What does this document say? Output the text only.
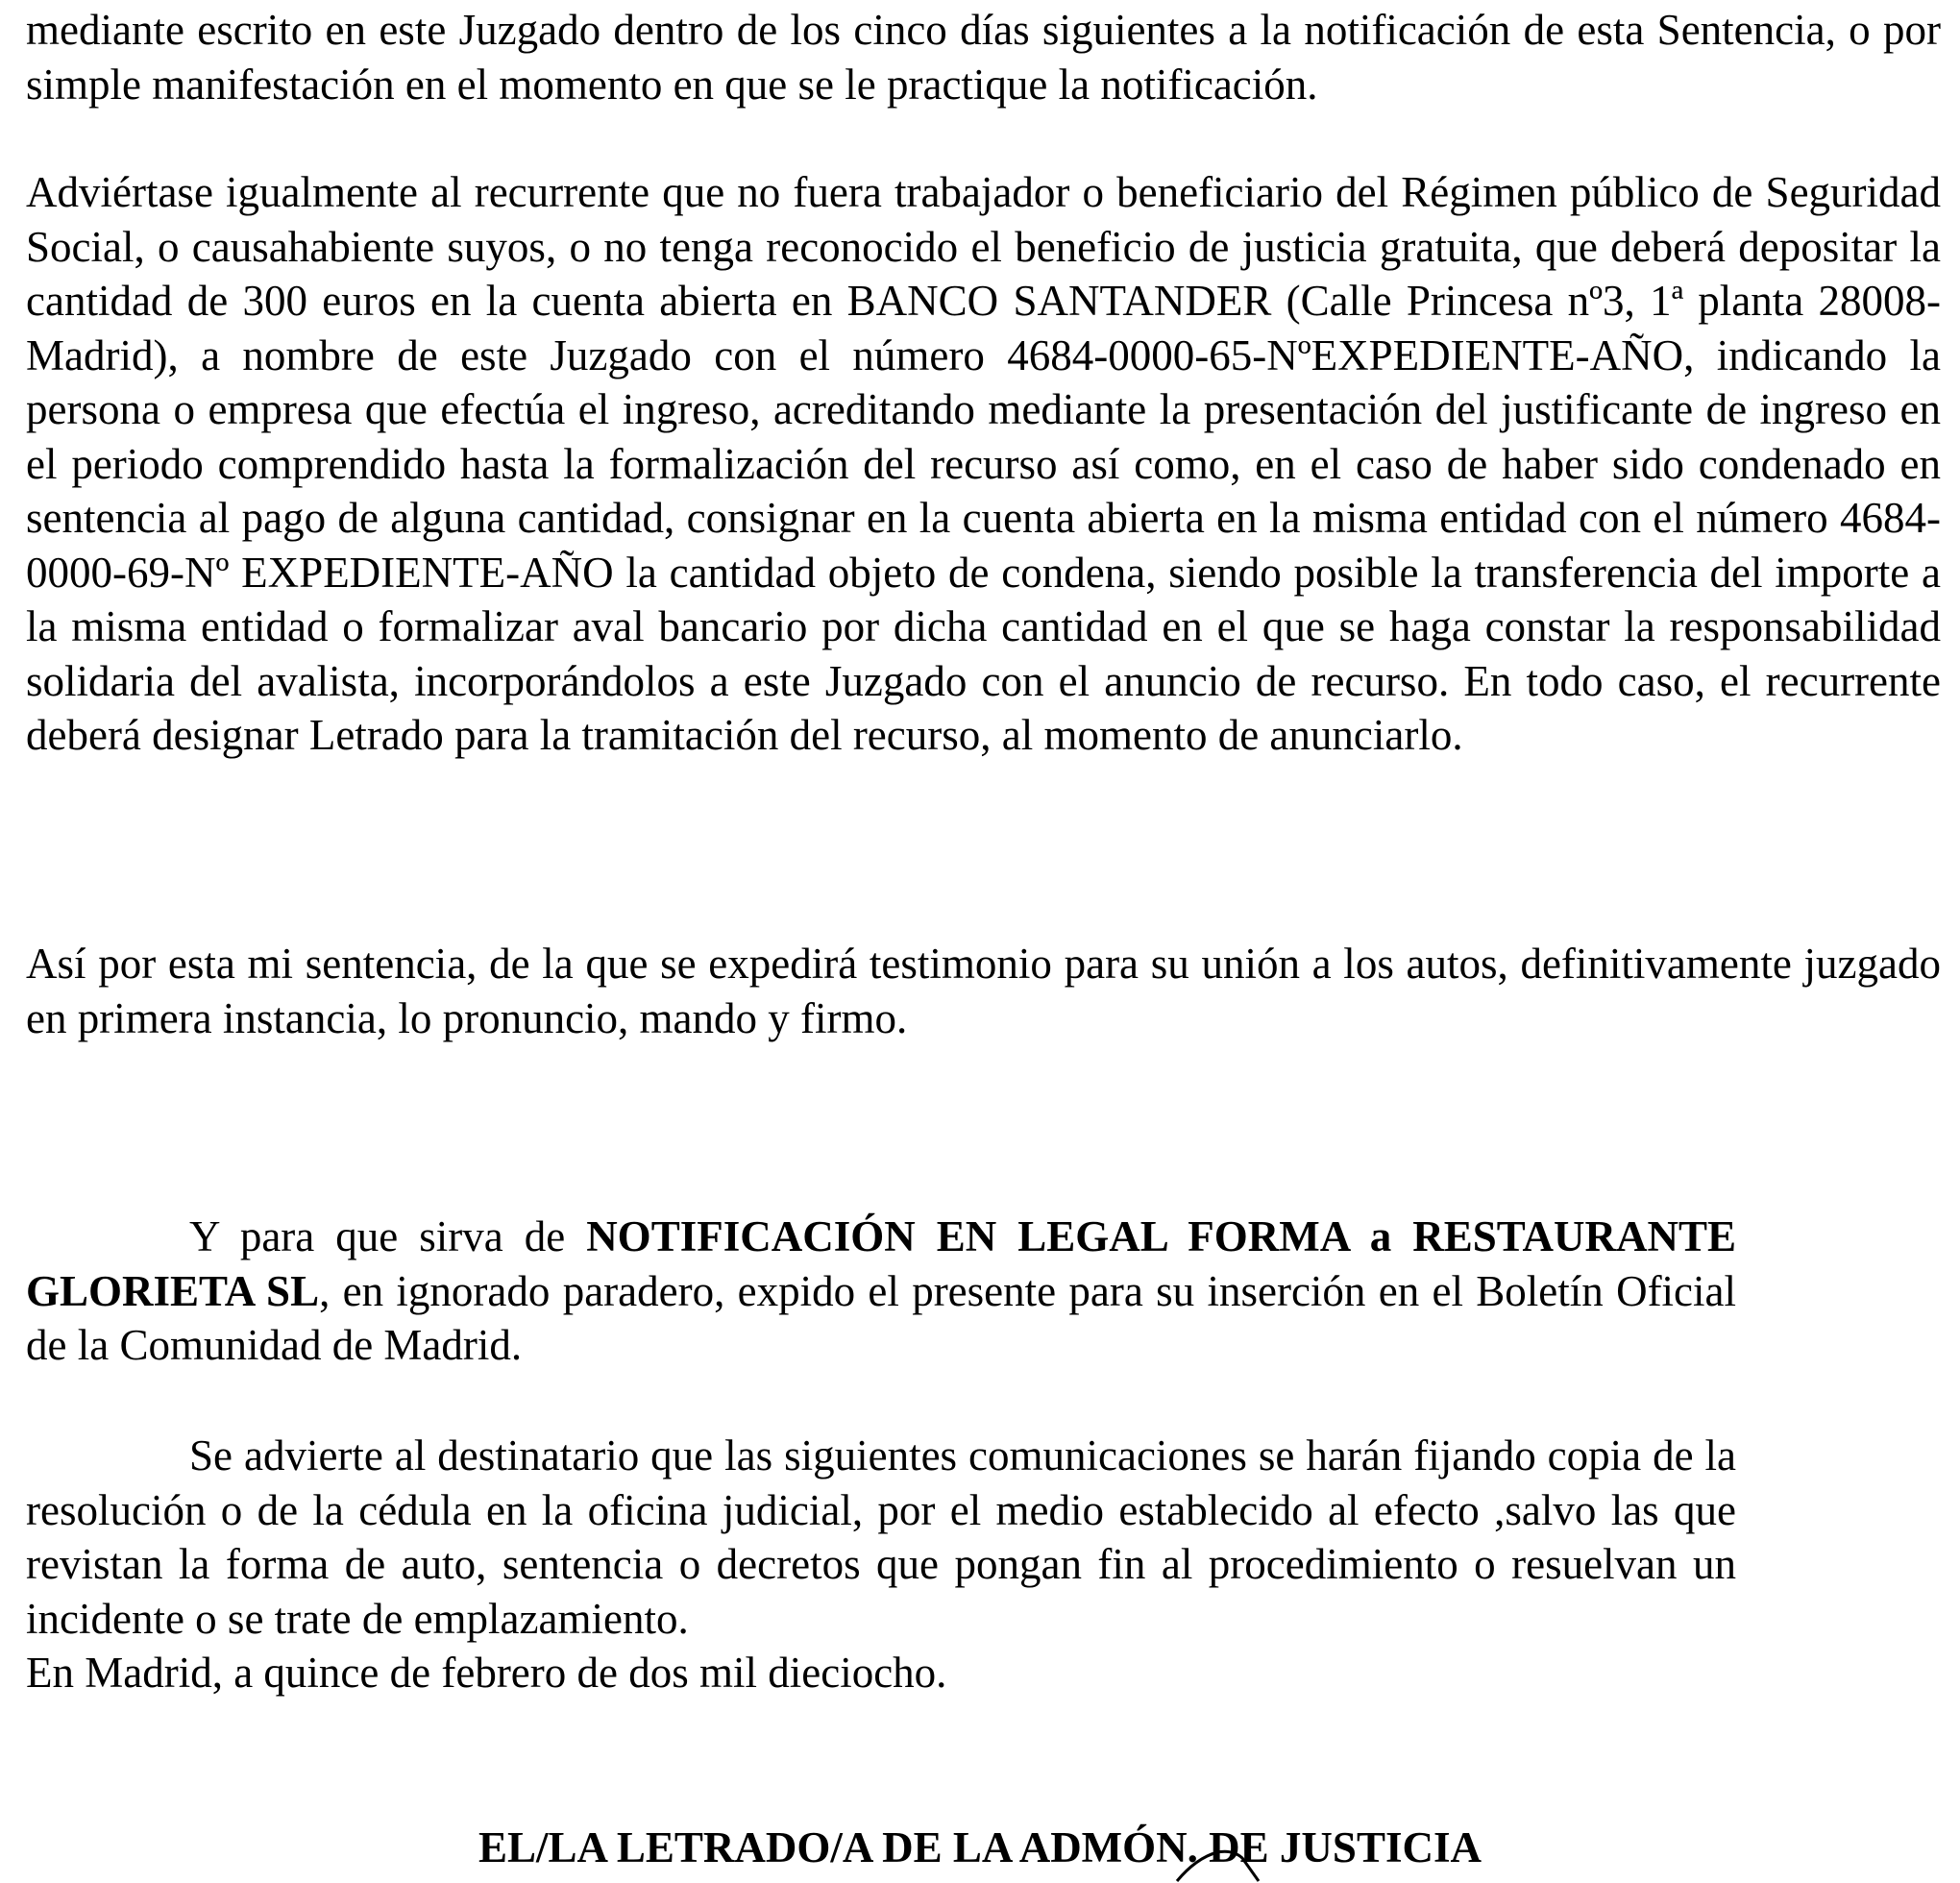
mediante escrito en este Juzgado dentro de los cinco días siguientes a la notificación de esta Sentencia, o por simple manifestación en el momento en que se le practique la notificación.

Adviértase igualmente al recurrente que no fuera trabajador o beneficiario del Régimen público de Seguridad Social, o causahabiente suyos, o no tenga reconocido el beneficio de justicia gratuita, que deberá depositar la cantidad de 300 euros en la cuenta abierta en BANCO SANTANDER (Calle Princesa nº3, 1ª planta 28008-Madrid), a nombre de este Juzgado con el número 4684-0000-65-NºEXPEDIENTE-AÑO, indicando la persona o empresa que efectúa el ingreso, acreditando mediante la presentación del justificante de ingreso en el periodo comprendido hasta la formalización del recurso así como, en el caso de haber sido condenado en sentencia al pago de alguna cantidad, consignar en la cuenta abierta en la misma entidad con el número 4684-0000-69-Nº EXPEDIENTE-AÑO la cantidad objeto de condena, siendo posible la transferencia del importe a la misma entidad o formalizar aval bancario por dicha cantidad en el que se haga constar la responsabilidad solidaria del avalista, incorporándolos a este Juzgado con el anuncio de recurso. En todo caso, el recurrente deberá designar Letrado para la tramitación del recurso, al momento de anunciarlo.

Así por esta mi sentencia, de la que se expedirá testimonio para su unión a los autos, definitivamente juzgado en primera instancia, lo pronuncio, mando y firmo.

Y para que sirva de NOTIFICACIÓN EN LEGAL FORMA a RESTAURANTE GLORIETA SL, en ignorado paradero, expido el presente para su inserción en el Boletín Oficial de la Comunidad de Madrid.

Se advierte al destinatario que las siguientes comunicaciones se harán fijando copia de la resolución o de la cédula en la oficina judicial, por el medio establecido al efecto ,salvo las que revistan la forma de auto, sentencia o decretos que pongan fin al procedimiento o resuelvan un incidente o se trate de emplazamiento.

En Madrid, a quince de febrero de dos mil dieciocho.

EL/LA LETRADO/A DE LA ADMÓN. DE JUSTICIA
